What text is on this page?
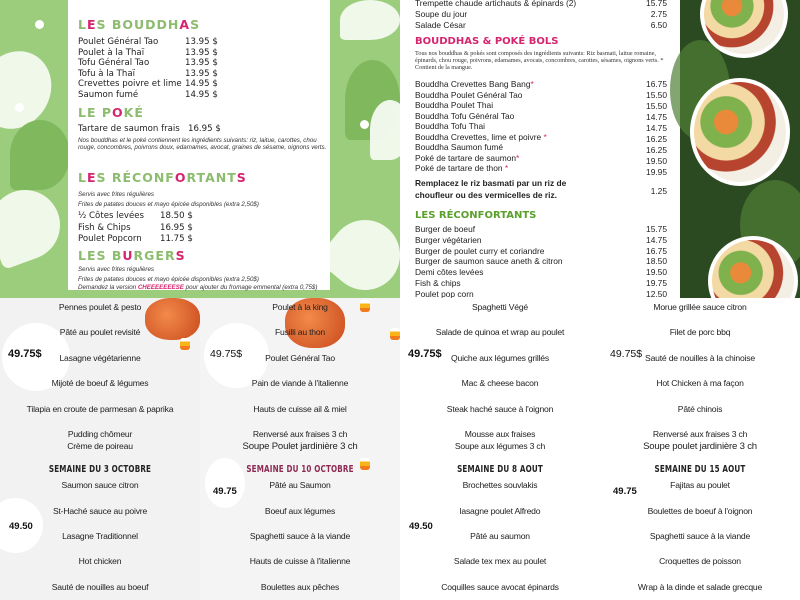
LES BOUDDHAS
Poulet Général Tao	13.95 $
Poulet à la Thaï	13.95 $
Tofu Général Tao	13.95 $
Tofu à la Thaï	13.95 $
Crevettes poivre et lime 14.95 $
Saumon fumé	14.95 $
LE POKÉ
Tartare de saumon frais 16.95 $
Nos bouddhas et le poké contiennent les ingrédients suivants: riz, laitue, carottes, chou rouge, concombres, poivrons doux, edamames, avocat, graines de sésame, oignons verts.
LES RÉCONFORTANTS
Servis avec frites régulières
Frites de patates douces et mayo épicée disponibles (extra 2,50$)
½ Côtes levées 18.50 $
Fish & Chips	16.95 $
Poulet Popcorn 11.75 $
LES BURGERS
Servis avec frites régulières
Frites de patates douces et mayo épicée disponibles (extra 2,50$)
Demandez la version CHEEEEEEESE pour ajouter du fromage emmental (extra 0,75$)
Trempette chaude artichauts & épinards (2)	15.75
Soupe du jour	2.75
Salade César	6.50
BOUDDHAS & POKÉ BOLS
Tous nos bouddhas & pokés sont composés des ingrédients suivants: Riz basmati, laitue romaine, épinards, chou rouge, poivrons, edamames, avocats, concombres, carottes, sésames, oignons verts. * Contient de la mangue.
Bouddha Crevettes Bang Bang*	16.75
Bouddha Poulet Général Tao	15.50
Bouddha Poulet Thai	15.50
Bouddha Tofu Général Tao	14.75
Bouddha Tofu Thai	14.75
Bouddha Crevettes, lime et poivre *	16.25
Bouddha Saumon fumé	16.25
Poké de tartare de saumon*	19.50
Poké de tartare de thon *	19.95
Remplacez le riz basmati par un riz de
choufleur ou des vermicelles de riz.	1.25
LES RÉCONFORTANTS
Burger de boeuf	15.75
Burger végétarien	14.75
Burger de poulet curry et coriandre	16.75
Burger de saumon sauce aneth & citron	18.50
Demi côtes levées	19.50
Fish & chips	19.75
Poulet pop corn	12.50
49.75$
Pennes poulet & pesto
Pâté au poulet revisité
Lasagne végétarienne
Mijoté de boeuf & légumes
Tilapia en croute de parmesan & paprika
Pudding chômeur
Crème de poireau
SEMAINE DU 3 OCTOBRE
Saumon sauce citron
St-Haché sauce au poivre
Lasagne Traditionnel
Hot chicken
Sauté de nouilles au boeuf
49.50
49.75$
Poulet à la king
Fusilli au thon
Poulet Général Tao
Pain de viande à l'italienne
Hauts de cuisse ail & miel
Renversé aux fraises 3 ch
Soupe Poulet jardinière 3 ch
SEMAINE DU 10 OCTOBRE
Pâté au Saumon
Boeuf aux légumes
Spaghetti sauce à la viande
Hauts de cuisse à l'italienne
Boulettes aux pêches
49.75
49.75$
Spaghetti Végé
Salade de quinoa et wrap au poulet
Quiche aux légumes grillés
Mac & cheese bacon
Steak haché sauce à l'oignon
Mousse aux fraises
Soupe aux légumes 3 ch
SEMAINE DU 8 AOUT
Brochettes souvlakis
lasagne poulet Alfredo
Pâté au saumon
Salade tex mex au poulet
Coquilles sauce avocat épinards
49.50
49.75$
Morue grillée sauce citron
Filet de porc bbq
Sauté de nouilles à la chinoise
Hot Chicken à ma façon
Pâté chinois
Renversé aux fraises 3 ch
Soupe poulet jardinière 3 ch
SEMAINE DU 15 AOUT
Fajitas au poulet
Boulettes de boeuf à l'oignon
Spaghetti sauce à la viande
Croquettes de poisson
Wrap à la dinde et salade grecque
49.75
